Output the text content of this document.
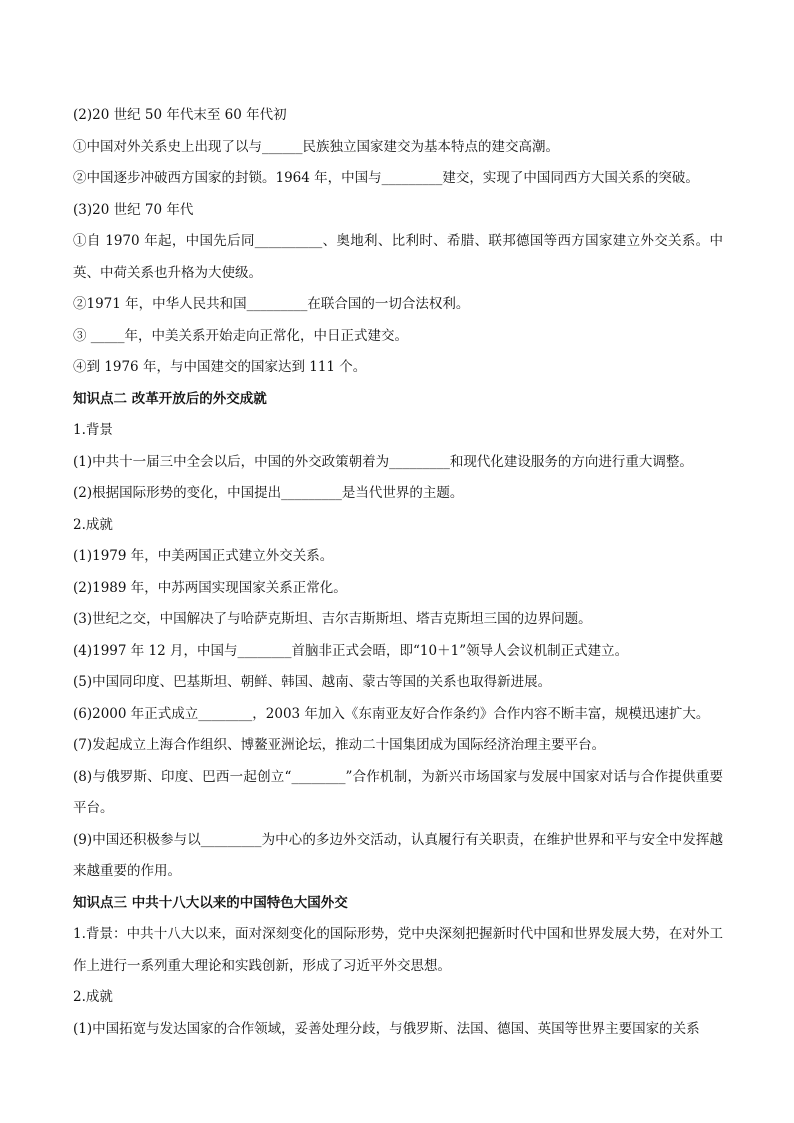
(2)20 世纪 50 年代末至 60 年代初
①中国对外关系史上出现了以与______民族独立国家建交为基本特点的建交高潮。
②中国逐步冲破西方国家的封锁。1964 年，中国与_________建交，实现了中国同西方大国关系的突破。
(3)20 世纪 70 年代
①自 1970 年起，中国先后同__________、奥地利、比利时、希腊、联邦德国等西方国家建立外交关系。中英、中荷关系也升格为大使级。
②1971 年，中华人民共和国_________在联合国的一切合法权利。
③ _____年，中美关系开始走向正常化，中日正式建交。
④到 1976 年，与中国建交的国家达到 111 个。
知识点二 改革开放后的外交成就
1.背景
(1)中共十一届三中全会以后，中国的外交政策朝着为_________和现代化建设服务的方向进行重大调整。
(2)根据国际形势的变化，中国提出_________是当代世界的主题。
2.成就
(1)1979 年，中美两国正式建立外交关系。
(2)1989 年，中苏两国实现国家关系正常化。
(3)世纪之交，中国解决了与哈萨克斯坦、吉尔吉斯斯坦、塔吉克斯坦三国的边界问题。
(4)1997 年 12 月，中国与________首脑非正式会晤，即“10＋1”领导人会议机制正式建立。
(5)中国同印度、巴基斯坦、朝鲜、韩国、越南、蒙古等国的关系也取得新进展。
(6)2000 年正式成立________，2003 年加入《东南亚友好合作条约》合作内容不断丰富，规模迅速扩大。
(7)发起成立上海合作组织、博鳌亚洲论坛，推动二十国集团成为国际经济治理主要平台。
(8)与俄罗斯、印度、巴西一起创立“________”合作机制，为新兴市场国家与发展中国家对话与合作提供重要平台。
(9)中国还积极参与以_________为中心的多边外交活动，认真履行有关职责，在维护世界和平与安全中发挥越来越重要的作用。
知识点三 中共十八大以来的中国特色大国外交
1.背景：中共十八大以来，面对深刻变化的国际形势，党中央深刻把握新时代中国和世界发展大势，在对外工作上进行一系列重大理论和实践创新，形成了习近平外交思想。
2.成就
(1)中国拓宽与发达国家的合作领域，妥善处理分歧，与俄罗斯、法国、德国、英国等世界主要国家的关系
